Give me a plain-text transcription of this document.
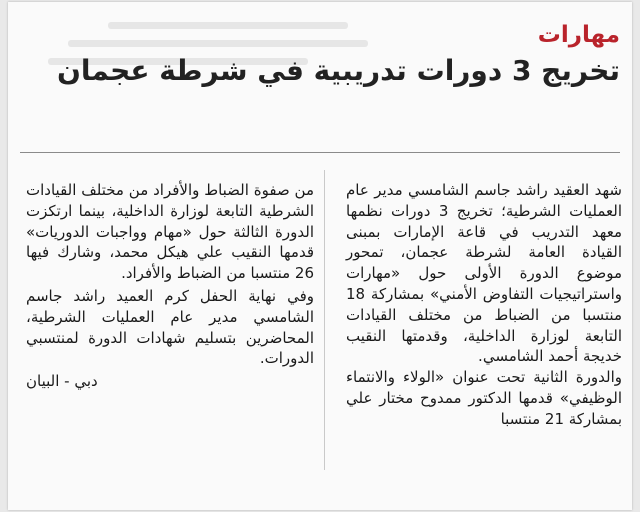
مهارات
تخريج 3 دورات تدريبية في شرطة عجمان

شهد العقيد راشد جاسم الشامسي مدير عام العمليات الشرطية؛ تخريج 3 دورات نظمها معهد التدريب في قاعة الإمارات بمبنى القيادة العامة لشرطة عجمان، تمحور موضوع الدورة الأولى حول «مهارات واستراتيجيات التفاوض الأمني» بمشاركة 18 منتسبا من الضباط من مختلف القيادات التابعة لوزارة الداخلية، وقدمتها النقيب خديجة أحمد الشامسي.

والدورة الثانية تحت عنوان «الولاء والانتماء الوظيفي» قدمها الدكتور ممدوح مختار علي بمشاركة 21 منتسبا

من صفوة الضباط والأفراد من مختلف القيادات الشرطية التابعة لوزارة الداخلية، بينما ارتكزت الدورة الثالثة حول «مهام وواجبات الدوريات» قدمها النقيب علي هيكل محمد، وشارك فيها 26 منتسبا من الضباط والأفراد.

وفي نهاية الحفل كرم العميد راشد جاسم الشامسي مدير عام العمليات الشرطية، المحاضرين بتسليم شهادات الدورة لمنتسبي الدورات.

دبي - البيان
